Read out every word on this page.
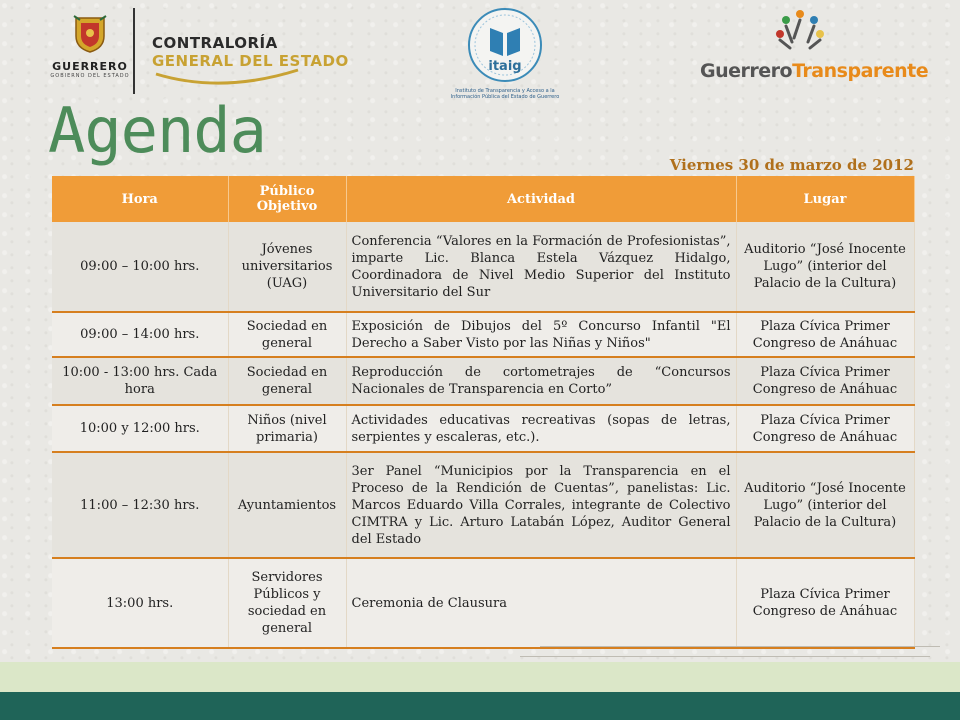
GUERRERO
GOBIERNO DEL ESTADO
CONTRALORÍA
GENERAL DEL ESTADO	itaig
Instituto de Transparencia y Acceso a la Información Pública del Estado de Guerrero
GuerreroTransparente
Agenda	Viernes 30 de marzo de 2012
Hora	Público Objetivo	Actividad	Lugar
09:00 – 10:00 hrs.	Jóvenes universitarios (UAG)	Conferencia “Valores en la Formación de Profesionistas”, imparte Lic. Blanca Estela Vázquez Hidalgo, Coordinadora de Nivel Medio Superior del Instituto Universitario del Sur	Auditorio “José Inocente Lugo” (interior del Palacio de la Cultura)
09:00 – 14:00 hrs.	Sociedad en general	Exposición de Dibujos del 5º Concurso Infantil "El Derecho a Saber Visto por las Niñas y Niños"	Plaza Cívica Primer Congreso de Anáhuac
10:00 - 13:00 hrs. Cada hora	Sociedad en general	Reproducción de cortometrajes de “Concursos Nacionales de Transparencia en Corto”	Plaza Cívica Primer Congreso de Anáhuac
10:00 y 12:00 hrs.	Niños (nivel primaria)	Actividades educativas recreativas (sopas de letras, serpientes y escaleras, etc.).	Plaza Cívica Primer Congreso de Anáhuac
11:00 – 12:30 hrs.	Ayuntamientos	3er Panel “Municipios por la Transparencia en el Proceso de la Rendición de Cuentas”, panelistas: Lic. Marcos Eduardo Villa Corrales, integrante de Colectivo CIMTRA y Lic. Arturo Latabán López, Auditor General del Estado	Auditorio “José Inocente Lugo” (interior del Palacio de la Cultura)
13:00 hrs.	Servidores Públicos y sociedad en general	Ceremonia de Clausura	Plaza Cívica Primer Congreso de Anáhuac
